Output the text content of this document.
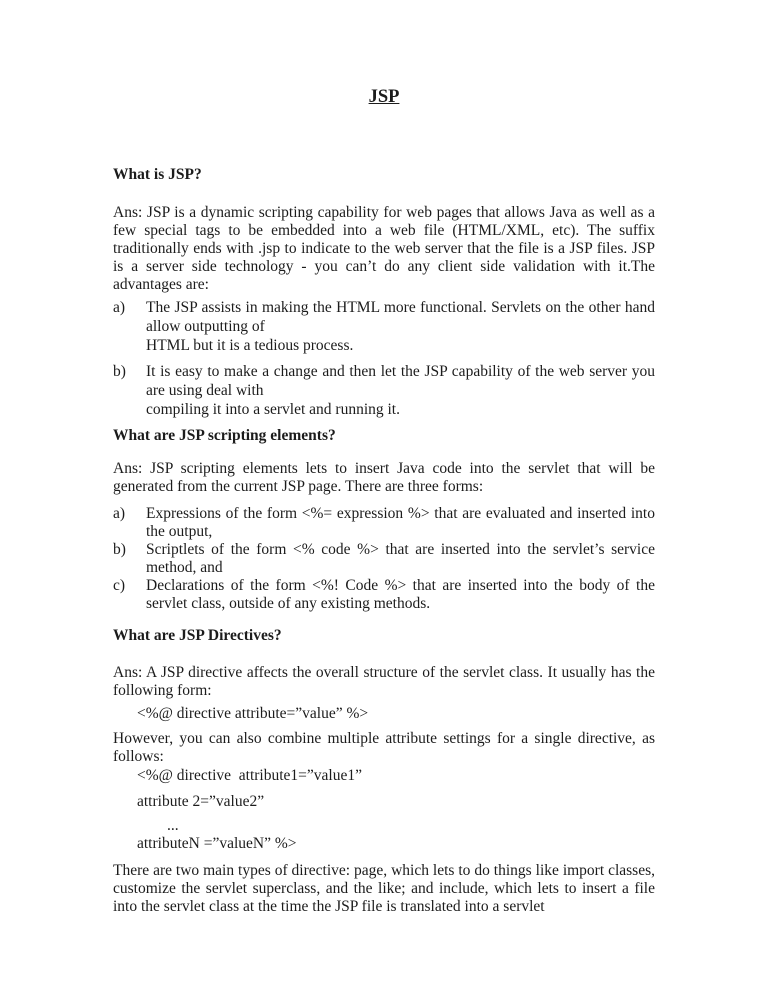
JSP
What is JSP?
Ans: JSP is a dynamic scripting capability for web pages that allows Java as well as a few special tags to be embedded into a web file (HTML/XML, etc). The suffix traditionally ends with .jsp to indicate to the web server that the file is a JSP files. JSP is a server side technology - you can’t do any client side validation with it.The advantages are:
a)	The JSP assists in making the HTML more functional. Servlets on the other hand allow outputting of
HTML but it is a tedious process.
b)	It is easy to make a change and then let the JSP capability of the web server you are using deal with
compiling it into a servlet and running it.
What are JSP scripting elements?
Ans: JSP scripting elements lets to insert Java code into the servlet that will be generated from the current JSP page. There are three forms:
a)	Expressions of the form <%= expression %> that are evaluated and inserted into the output,
b)	Scriptlets of the form <% code %> that are inserted into the servlet’s service method, and
c)	Declarations of the form <%! Code %> that are inserted into the body of the servlet class, outside of any existing methods.
What are JSP Directives?
Ans: A JSP directive affects the overall structure of the servlet class. It usually has the following form:
<%@ directive attribute=”value” %>
However, you can also combine multiple attribute settings for a single directive, as follows:
<%@ directive  attribute1=”value1”
attribute 2=”value2”
...
attributeN =”valueN” %>
There are two main types of directive: page, which lets to do things like import classes, customize the servlet superclass, and the like; and include, which lets to insert a file into the servlet class at the time the JSP file is translated into a servlet
